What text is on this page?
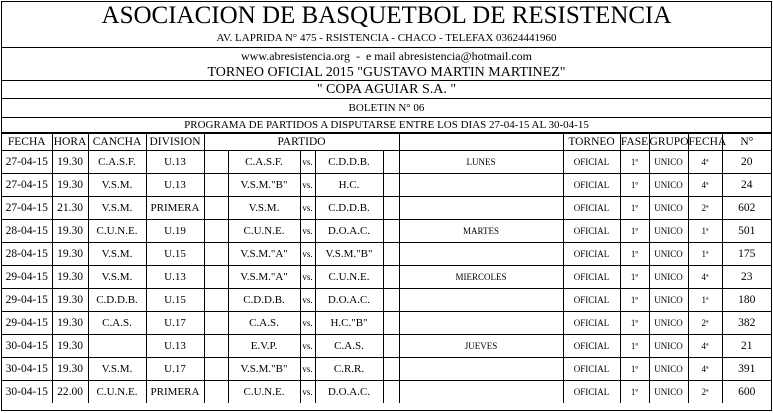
ASOCIACION DE BASQUETBOL DE RESISTENCIA
AV. LAPRIDA N° 475 - RSISTENCIA - CHACO - TELEFAX 03624441960
www.abresistencia.org - e mail abresistencia@hotmail.com
TORNEO OFICIAL 2015 "GUSTAVO MARTIN MARTINEZ"
" COPA AGUIAR S.A. "
BOLETIN N° 06
PROGRAMA DE PARTIDOS A DISPUTARSE ENTRE LOS DIAS 27-04-15 AL 30-04-15
FECHA	HORA	CANCHA	DIVISION	PARTIDO						TORNEO	FASE	GRUPO	FECHA	N°
27-04-15	19.30	C.A.S.F.	U.13		C.A.S.F.	vs.	C.D.D.B.		LUNES	OFICIAL	1º	UNICO	4ª	20
27-04-15	19.30	V.S.M.	U.13		V.S.M."B"	vs.	H.C.			OFICIAL	1º	UNICO	4ª	24
27-04-15	21.30	V.S.M.	PRIMERA		V.S.M.	vs.	C.D.D.B.			OFICIAL	1º	UNICO	2ª	602
28-04-15	19.30	C.U.N.E.	U.19		C.U.N.E.	vs.	D.O.A.C.		MARTES	OFICIAL	1º	UNICO	1ª	501
28-04-15	19.30	V.S.M.	U.15		V.S.M."A"	vs.	V.S.M."B"			OFICIAL	1º	UNICO	1ª	175
29-04-15	19.30	V.S.M.	U.13		V.S.M."A"	vs.	C.U.N.E.		MIERCOLES	OFICIAL	1º	UNICO	4ª	23
29-04-15	19.30	C.D.D.B.	U.15		C.D.D.B.	vs.	D.O.A.C.			OFICIAL	1º	UNICO	1ª	180
29-04-15	19.30	C.A.S.	U.17		C.A.S.	vs.	H.C."B"			OFICIAL	1º	UNICO	2ª	382
30-04-15	19.30		U.13		E.V.P.	vs.	C.A.S.		JUEVES	OFICIAL	1º	UNICO	4ª	21
30-04-15	19.30	V.S.M.	U.17		V.S.M."B"	vs.	C.R.R.			OFICIAL	1º	UNICO	4ª	391
30-04-15	22.00	C.U.N.E.	PRIMERA		C.U.N.E.	vs.	D.O.A.C.			OFICIAL	1º	UNICO	2ª	600
